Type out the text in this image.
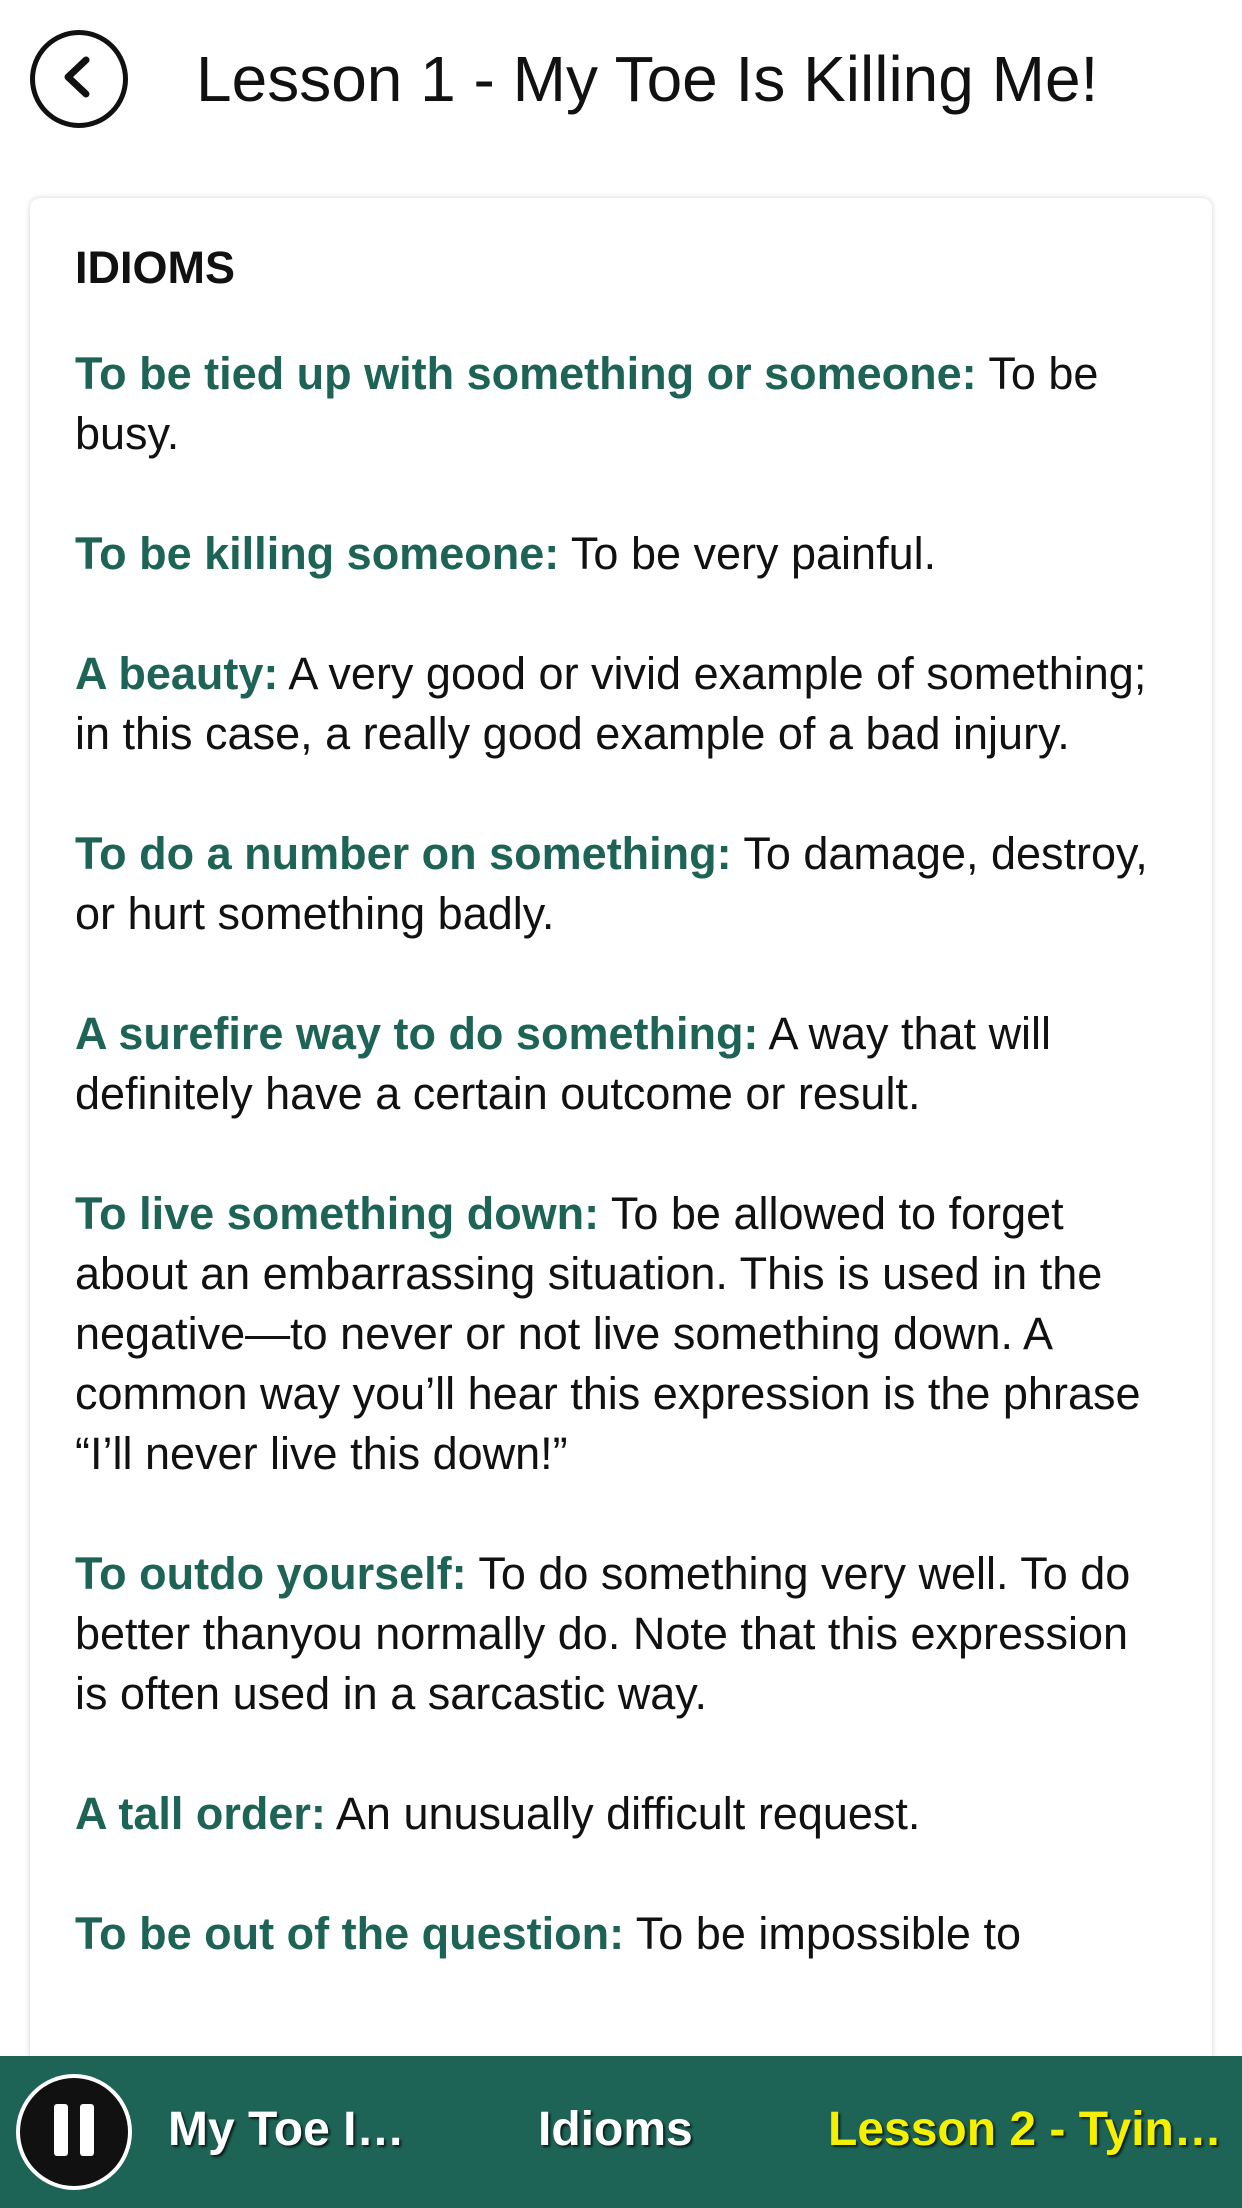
Lesson 1 - My Toe Is Killing Me!
IDIOMS

To be tied up with something or someone: To be busy.

To be killing someone: To be very painful.

A beauty: A very good or vivid example of something; in this case, a really good example of a bad injury.

To do a number on something: To damage, destroy, or hurt something badly.

A surefire way to do something: A way that will definitely have a certain outcome or result.

To live something down: To be allowed to forget about an embarrassing situation. This is used in the negative—to never or not live something down. A common way you’ll hear this expression is the phrase “I’ll never live this down!”

To outdo yourself: To do something very well. To do better thanyou normally do. Note that this expression is often used in a sarcastic way.

A tall order: An unusually difficult request.

To be out of the question: To be impossible to

My Toe I…	Idioms	Lesson 2 - Tyin…
